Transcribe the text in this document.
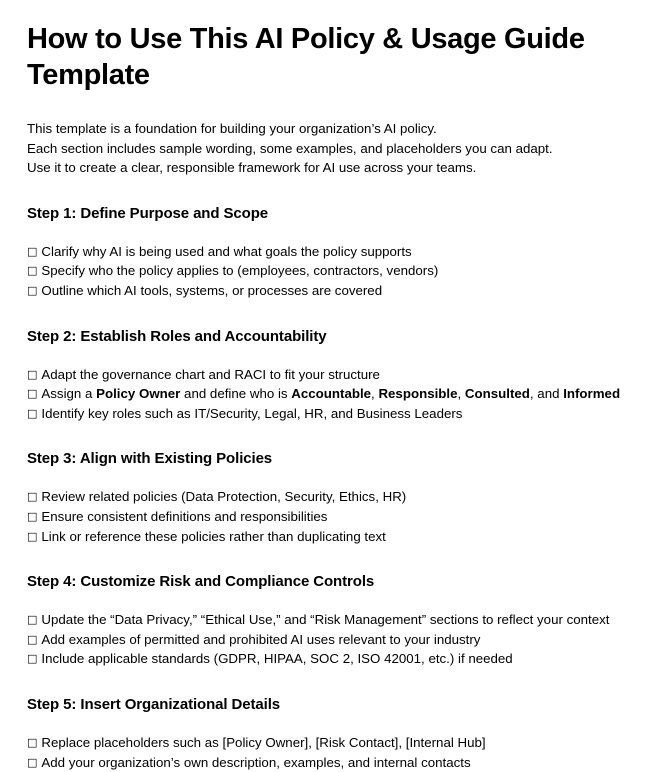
How to Use This AI Policy & Usage Guide Template

This template is a foundation for building your organization’s AI policy.
Each section includes sample wording, some examples, and placeholders you can adapt.
Use it to create a clear, responsible framework for AI use across your teams.

Step 1: Define Purpose and Scope
□ Clarify why AI is being used and what goals the policy supports
□ Specify who the policy applies to (employees, contractors, vendors)
□ Outline which AI tools, systems, or processes are covered
Step 2: Establish Roles and Accountability
□ Adapt the governance chart and RACI to fit your structure
□ Assign a Policy Owner and define who is Accountable, Responsible, Consulted, and Informed
□ Identify key roles such as IT/Security, Legal, HR, and Business Leaders
Step 3: Align with Existing Policies
□ Review related policies (Data Protection, Security, Ethics, HR)
□ Ensure consistent definitions and responsibilities
□ Link or reference these policies rather than duplicating text
Step 4: Customize Risk and Compliance Controls
□ Update the “Data Privacy,” “Ethical Use,” and “Risk Management” sections to reflect your context
□ Add examples of permitted and prohibited AI uses relevant to your industry
□ Include applicable standards (GDPR, HIPAA, SOC 2, ISO 42001, etc.) if needed
Step 5: Insert Organizational Details
□ Replace placeholders such as [Policy Owner], [Risk Contact], [Internal Hub]
□ Add your organization’s own description, examples, and internal contacts
